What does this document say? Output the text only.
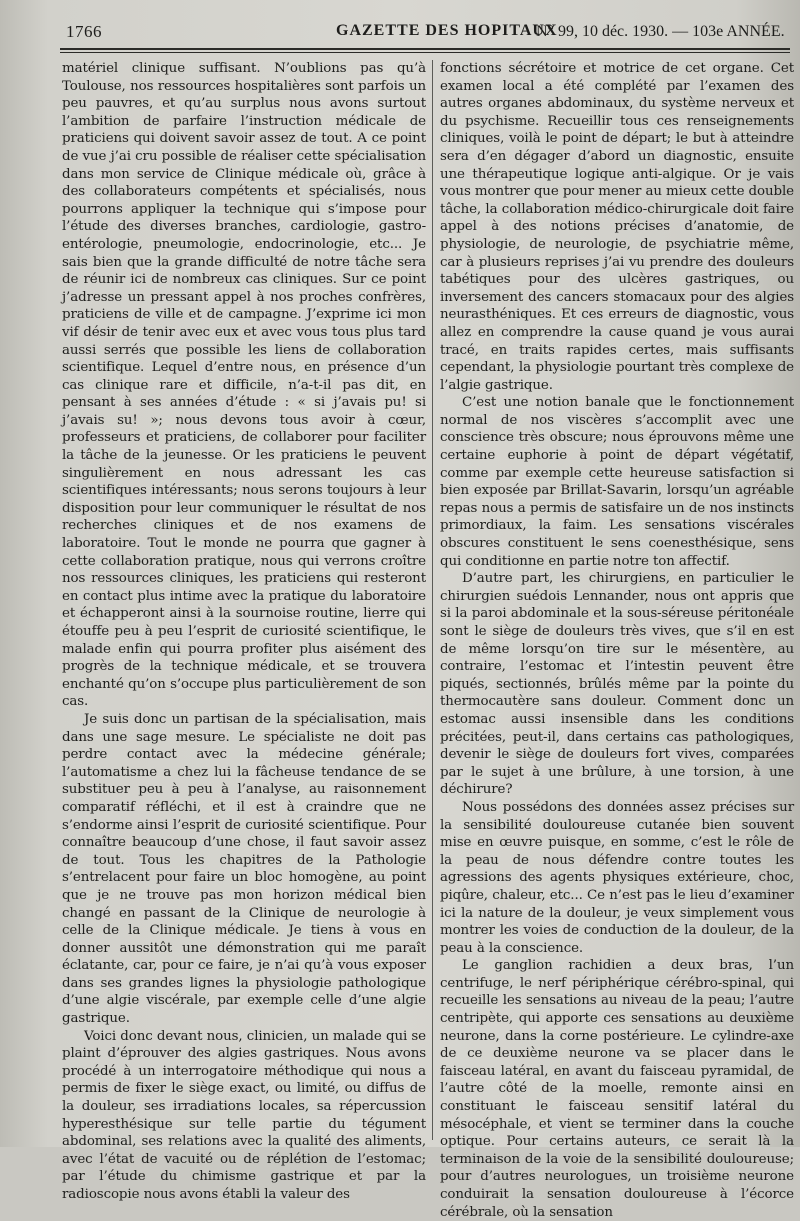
1766	GAZETTE DES HOPITAUX
N° 99, 10 déc. 1930. — 103e ANNÉE.

matériel clinique suffisant. N’oublions pas qu’à Toulouse, nos ressources hospitalières sont parfois un peu pauvres, et qu’au surplus nous avons surtout l’ambition de parfaire l’instruction médicale de praticiens qui doivent savoir assez de tout. A ce point de vue j’ai cru possible de réaliser cette spécialisation dans mon service de Clinique médicale où, grâce à des collaborateurs compétents et spécialisés, nous pourrons appliquer la technique qui s’impose pour l’étude des diverses branches, cardiologie, gastro-entérologie, pneumologie, endocrinologie, etc... Je sais bien que la grande difficulté de notre tâche sera de réunir ici de nombreux cas cliniques. Sur ce point j’adresse un pressant appel à nos proches confrères, praticiens de ville et de campagne. J’exprime ici mon vif désir de tenir avec eux et avec vous tous plus tard aussi serrés que possible les liens de collaboration scientifique. Lequel d’entre nous, en présence d’un cas clinique rare et difficile, n’a-t-il pas dit, en pensant à ses années d’étude : « si j’avais pu! si j’avais su! »; nous devons tous avoir à cœur, professeurs et praticiens, de collaborer pour faciliter la tâche de la jeunesse. Or les praticiens le peuvent singulièrement en nous adressant les cas scientifiques intéressants; nous serons toujours à leur disposition pour leur communiquer le résultat de nos recherches cliniques et de nos examens de laboratoire. Tout le monde ne pourra que gagner à cette collaboration pratique, nous qui verrons croître nos ressources cliniques, les praticiens qui resteront en contact plus intime avec la pratique du laboratoire et échapperont ainsi à la sournoise routine, lierre qui étouffe peu à peu l’esprit de curiosité scientifique, le malade enfin qui pourra profiter plus aisément des progrès de la technique médicale, et se trouvera enchanté qu’on s’occupe plus particulièrement de son cas.

Je suis donc un partisan de la spécialisation, mais dans une sage mesure. Le spécialiste ne doit pas perdre contact avec la médecine générale; l’automatisme a chez lui la fâcheuse tendance de se substituer peu à peu à l’analyse, au raisonnement comparatif réfléchi, et il est à craindre que ne s’endorme ainsi l’esprit de curiosité scientifique. Pour connaître beaucoup d’une chose, il faut savoir assez de tout. Tous les chapitres de la Pathologie s’entrelacent pour faire un bloc homogène, au point que je ne trouve pas mon horizon médical bien changé en passant de la Clinique de neurologie à celle de la Clinique médicale. Je tiens à vous en donner aussitôt une démonstration qui me paraît éclatante, car, pour ce faire, je n’ai qu’à vous exposer dans ses grandes lignes la physiologie pathologique d’une algie viscérale, par exemple celle d’une algie gastrique.

Voici donc devant nous, clinicien, un malade qui se plaint d’éprouver des algies gastriques. Nous avons procédé à un interrogatoire méthodique qui nous a permis de fixer le siège exact, ou limité, ou diffus de la douleur, ses irradiations locales, sa répercussion hyperesthésique sur telle partie du tégument abdominal, ses relations avec la qualité des aliments, avec l’état de vacuité ou de réplétion de l’estomac; par l’étude du chimisme gastrique et par la radioscopie nous avons établi la valeur des

fonctions sécrétoire et motrice de cet organe. Cet examen local a été complété par l’examen des autres organes abdominaux, du système nerveux et du psychisme. Recueillir tous ces renseignements cliniques, voilà le point de départ; le but à atteindre sera d’en dégager d’abord un diagnostic, ensuite une thérapeutique logique anti-algique. Or je vais vous montrer que pour mener au mieux cette double tâche, la collaboration médico-chirurgicale doit faire appel à des notions précises d’anatomie, de physiologie, de neurologie, de psychiatrie même, car à plusieurs reprises j’ai vu prendre des douleurs tabétiques pour des ulcères gastriques, ou inversement des cancers stomacaux pour des algies neurasthéniques. Et ces erreurs de diagnostic, vous allez en comprendre la cause quand je vous aurai tracé, en traits rapides certes, mais suffisants cependant, la physiologie pourtant très complexe de l’algie gastrique.

C’est une notion banale que le fonctionnement normal de nos viscères s’accomplit avec une conscience très obscure; nous éprouvons même une certaine euphorie à point de départ végétatif, comme par exemple cette heureuse satisfaction si bien exposée par Brillat-Savarin, lorsqu’un agréable repas nous a permis de satisfaire un de nos instincts primordiaux, la faim. Les sensations viscérales obscures constituent le sens coenesthésique, sens qui conditionne en partie notre ton affectif.

D’autre part, les chirurgiens, en particulier le chirurgien suédois Lennander, nous ont appris que si la paroi abdominale et la sous-séreuse péritonéale sont le siège de douleurs très vives, que s’il en est de même lorsqu’on tire sur le mésentère, au contraire, l’estomac et l’intestin peuvent être piqués, sectionnés, brûlés même par la pointe du thermocautère sans douleur. Comment donc un estomac aussi insensible dans les conditions précitées, peut-il, dans certains cas pathologiques, devenir le siège de douleurs fort vives, comparées par le sujet à une brûlure, à une torsion, à une déchirure?

Nous possédons des données assez précises sur la sensibilité douloureuse cutanée bien souvent mise en œuvre puisque, en somme, c’est le rôle de la peau de nous défendre contre toutes les agressions des agents physiques extérieure, choc, piqûre, chaleur, etc... Ce n’est pas le lieu d’examiner ici la nature de la douleur, je veux simplement vous montrer les voies de conduction de la douleur, de la peau à la conscience.

Le ganglion rachidien a deux bras, l’un centrifuge, le nerf périphérique cérébro-spinal, qui recueille les sensations au niveau de la peau; l’autre centripète, qui apporte ces sensations au deuxième neurone, dans la corne postérieure. Le cylindre-axe de ce deuxième neurone va se placer dans le faisceau latéral, en avant du faisceau pyramidal, de l’autre côté de la moelle, remonte ainsi en constituant le faisceau sensitif latéral du mésocéphale, et vient se terminer dans la couche optique. Pour certains auteurs, ce serait là la terminaison de la voie de la sensibilité douloureuse; pour d’autres neurologues, un troisième neurone conduirait la sensation douloureuse à l’écorce cérébrale, où la sensation
